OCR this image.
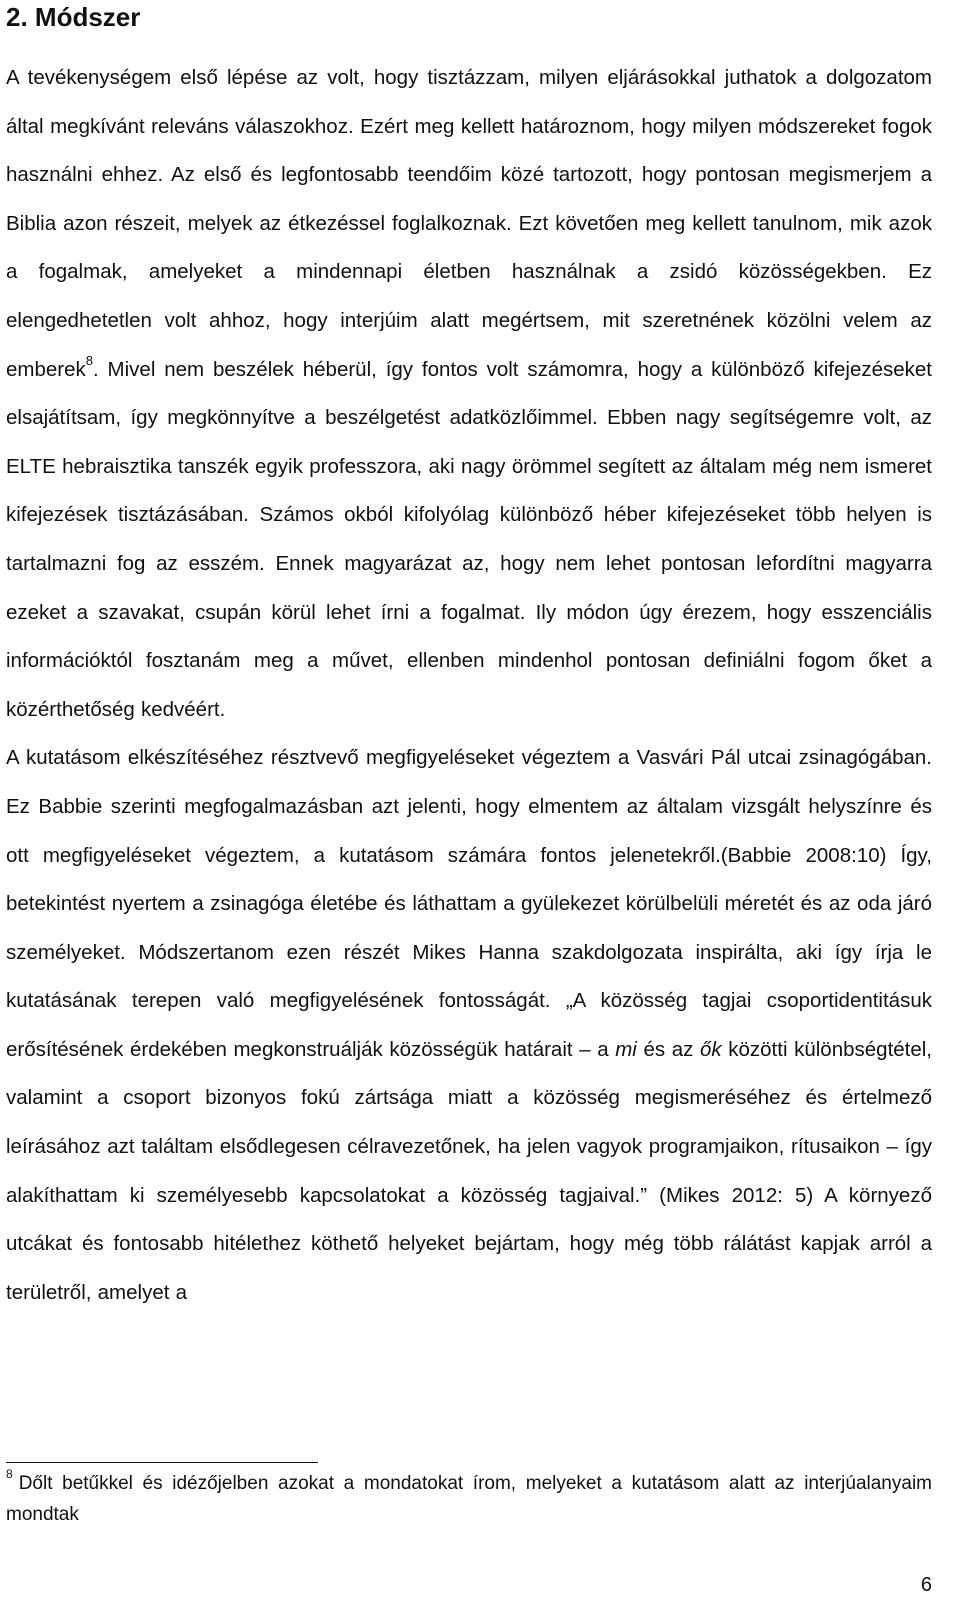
2. Módszer

A tevékenységem első lépése az volt, hogy tisztázzam, milyen eljárásokkal juthatok a dolgozatom által megkívánt releváns válaszokhoz. Ezért meg kellett határoznom, hogy milyen módszereket fogok használni ehhez. Az első és legfontosabb teendőim közé tartozott, hogy pontosan megismerjem a Biblia azon részeit, melyek az étkezéssel foglalkoznak. Ezt követően meg kellett tanulnom, mik azok a fogalmak, amelyeket a mindennapi életben használnak a zsidó közösségekben. Ez elengedhetetlen volt ahhoz, hogy interjúim alatt megértsem, mit szeretnének közölni velem az emberek$^8$. Mivel nem beszélek héberül, így fontos volt számomra, hogy a különböző kifejezéseket elsajátítsam, így megkönnyítve a beszélgetést adatközlőimmel. Ebben nagy segítségemre volt, az ELTE hebraisztika tanszék egyik professzora, aki nagy örömmel segített az általam még nem ismeret kifejezések tisztázásában. Számos okból kifolyólag különböző héber kifejezéseket több helyen is tartalmazni fog az esszém. Ennek magyarázat az, hogy nem lehet pontosan lefordítni magyarra ezeket a szavakat, csupán körül lehet írni a fogalmat. Ily módon úgy érezem, hogy esszenciális információktól fosztanám meg a művet, ellenben mindenhol pontosan definiálni fogom őket a közérthetőség kedvéért.

A kutatásom elkészítéséhez résztvevő megfigyeléseket végeztem a Vasvári Pál utcai zsinagógában. Ez Babbie szerinti megfogalmazásban azt jelenti, hogy elmentem az általam vizsgált helyszínre és ott megfigyeléseket végeztem, a kutatásom számára fontos jelenetekről.(Babbie 2008:10) Így, betekintést nyertem a zsinagóga életébe és láthattam a gyülekezet körülbelüli méretét és az oda járó személyeket. Módszertanom ezen részét Mikes Hanna szakdolgozata inspirálta, aki így írja le kutatásának terepen való megfigyelésének fontosságát. „A közösség tagjai csoportidentitásuk erősítésének érdekében megkonstruálják közösségük határait – a mi és az ők közötti különbségtétel, valamint a csoport bizonyos fokú zártsága miatt a közösség megismeréséhez és értelmező leírásához azt találtam elsődlegesen célravezetőnek, ha jelen vagyok programjaikon, rítusaikon – így alakíthattam ki személyesebb kapcsolatokat a közösség tagjaival.” (Mikes 2012: 5) A környező utcákat és fontosabb hitélethez köthető helyeket bejártam, hogy még több rálátást kapjak arról a területről, amelyet a

$^8$ Dőlt betűkkel és idézőjelben azokat a mondatokat írom, melyeket a kutatásom alatt az interjúalanyaim mondtak
6
